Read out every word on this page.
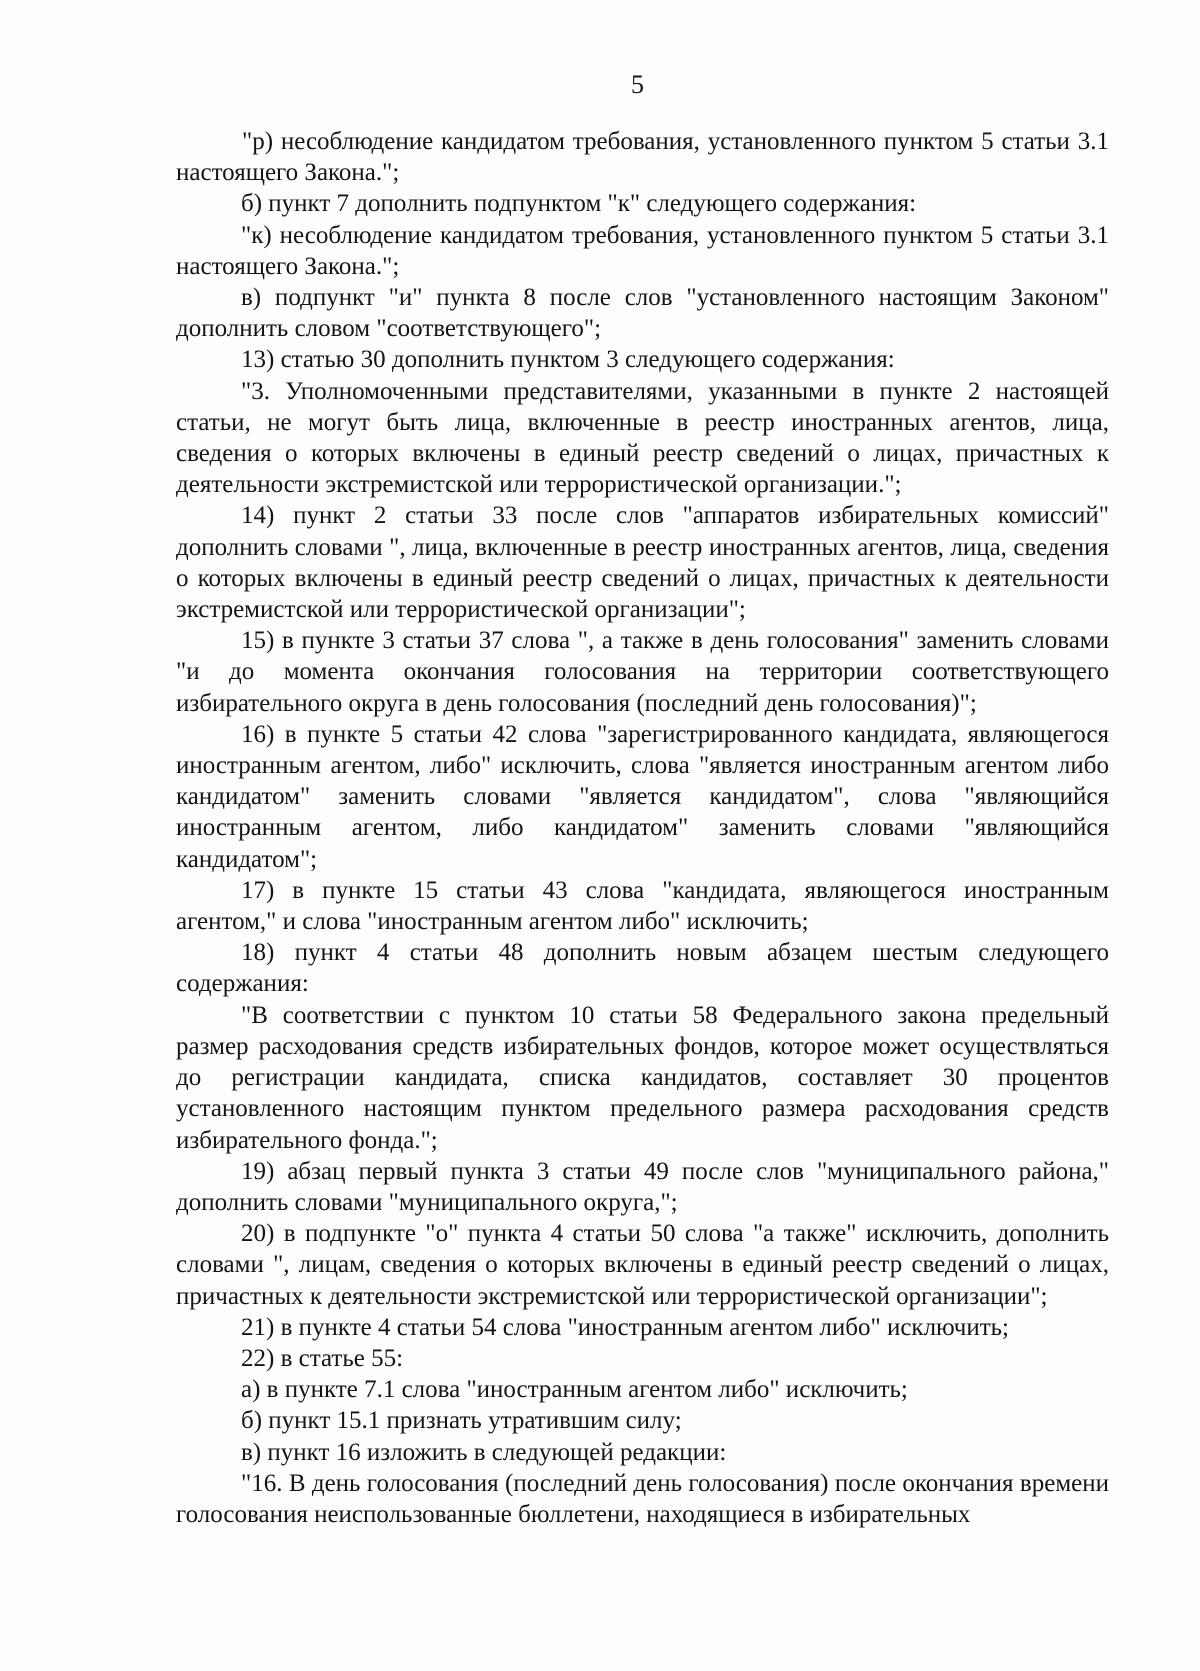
5

"р) несоблюдение кандидатом требования, установленного пунктом 5 статьи 3.1 настоящего Закона.";

б) пункт 7 дополнить подпунктом "к" следующего содержания:

"к) несоблюдение кандидатом требования, установленного пунктом 5 статьи 3.1 настоящего Закона.";

в) подпункт "и" пункта 8 после слов "установленного настоящим Законом" дополнить словом "соответствующего";

13) статью 30 дополнить пунктом 3 следующего содержания:

"3. Уполномоченными представителями, указанными в пункте 2 настоящей статьи, не могут быть лица, включенные в реестр иностранных агентов, лица, сведения о которых включены в единый реестр сведений о лицах, причастных к деятельности экстремистской или террористической организации.";

14) пункт 2 статьи 33 после слов "аппаратов избирательных комиссий" дополнить словами ", лица, включенные в реестр иностранных агентов, лица, сведения о которых включены в единый реестр сведений о лицах, причастных к деятельности экстремистской или террористической организации";

15) в пункте 3 статьи 37 слова ", а также в день голосования" заменить словами "и до момента окончания голосования на территории соответствующего избирательного округа в день голосования (последний день голосования)";

16) в пункте 5 статьи 42 слова "зарегистрированного кандидата, являющегося иностранным агентом, либо" исключить, слова "является иностранным агентом либо кандидатом" заменить словами "является кандидатом", слова "являющийся иностранным агентом, либо кандидатом" заменить словами "являющийся кандидатом";

17) в пункте 15 статьи 43 слова "кандидата, являющегося иностранным агентом," и слова "иностранным агентом либо" исключить;

18) пункт 4 статьи 48 дополнить новым абзацем шестым следующего содержания:

"В соответствии с пунктом 10 статьи 58 Федерального закона предельный размер расходования средств избирательных фондов, которое может осуществляться до регистрации кандидата, списка кандидатов, составляет 30 процентов установленного настоящим пунктом предельного размера расходования средств избирательного фонда.";

19) абзац первый пункта 3 статьи 49 после слов "муниципального района," дополнить словами "муниципального округа,";

20) в подпункте "о" пункта 4 статьи 50 слова "а также" исключить, дополнить словами ", лицам, сведения о которых включены в единый реестр сведений о лицах, причастных к деятельности экстремистской или террористической организации";

21) в пункте 4 статьи 54 слова "иностранным агентом либо" исключить;

22) в статье 55:

а) в пункте 7.1 слова "иностранным агентом либо" исключить;

б) пункт 15.1 признать утратившим силу;

в) пункт 16 изложить в следующей редакции:

"16. В день голосования (последний день голосования) после окончания времени голосования неиспользованные бюллетени, находящиеся в избирательных
